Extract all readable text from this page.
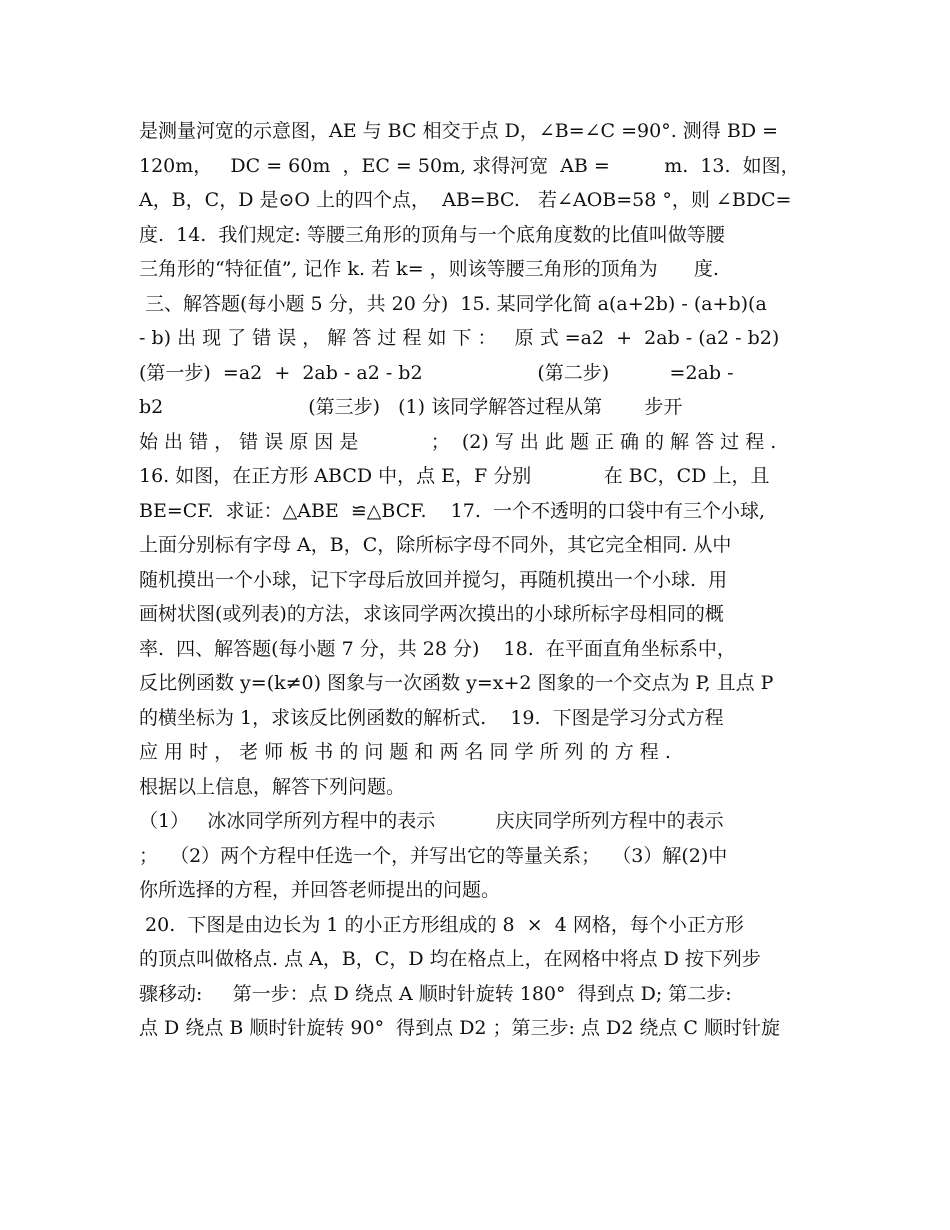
是测量河宽的示意图，AE 与 BC 相交于点 D，∠B=∠C =90°. 测得 BD =
120m，   DC = 60m  ，EC = 50m, 求得河宽  AB =         m.  13.  如图，
A，B，C，D 是⊙O 上的四个点，  AB=BC.   若∠AOB=58 °，则 ∠BDC=
度.  14.  我们规定: 等腰三角形的顶角与一个底角度数的比值叫做等腰
三角形的“特征值”, 记作 k. 若 k= ，则该等腰三角形的顶角为      度.
三、解答题(每小题 5 分，共 20 分)  15. 某同学化简 a(a+2b) - (a+b)(a
- b) 出 现 了 错 误 ， 解 答 过 程 如 下 ：   原 式 =a2  +  2ab - (a2 - b2)
(第一步)  =a2  +  2ab - a2 - b2                   (第二步)          =2ab -
b2                        (第三步)   (1) 该同学解答过程从第       步开
始 出 错 ， 错 误 原 因 是            ；  (2) 写 出 此 题 正 确 的 解 答 过 程 .
16. 如图，在正方形 ABCD 中，点 E，F 分别            在 BC，CD 上，且
BE=CF.  求证：△ABE  ≌△BCF.    17.  一个不透明的口袋中有三个小球,
上面分别标有字母 A，B，C，除所标字母不同外，其它完全相同. 从中
随机摸出一个小球，记下字母后放回并搅匀，再随机摸出一个小球.  用
画树状图(或列表)的方法，求该同学两次摸出的小球所标字母相同的概
率.  四、解答题(每小题 7 分，共 28 分)    18.  在平面直角坐标系中，
反比例函数 y=(k≠0) 图象与一次函数 y=x+2 图象的一个交点为 P, 且点 P
的横坐标为 1，求该反比例函数的解析式.    19.  下图是学习分式方程
应 用 时 ， 老 师 板 书 的 问 题 和 两 名 同 学 所 列 的 方 程 .
根据以上信息，解答下列问题。
（1）   冰冰同学所列方程中的表示          庆庆同学所列方程中的表示
；  （2）两个方程中任选一个，并写出它的等量关系；  （3）解(2)中
你所选择的方程，并回答老师提出的问题。
20.  下图是由边长为 1 的小正方形组成的 8  ×  4 网格，每个小正方形
的顶点叫做格点. 点 A，B，C，D 均在格点上，在网格中将点 D 按下列步
骤移动:     第一步：点 D 绕点 A 顺时针旋转 180°  得到点 D; 第二步:
点 D 绕点 B 顺时针旋转 90°  得到点 D2 ；第三步: 点 D2 绕点 C 顺时针旋
